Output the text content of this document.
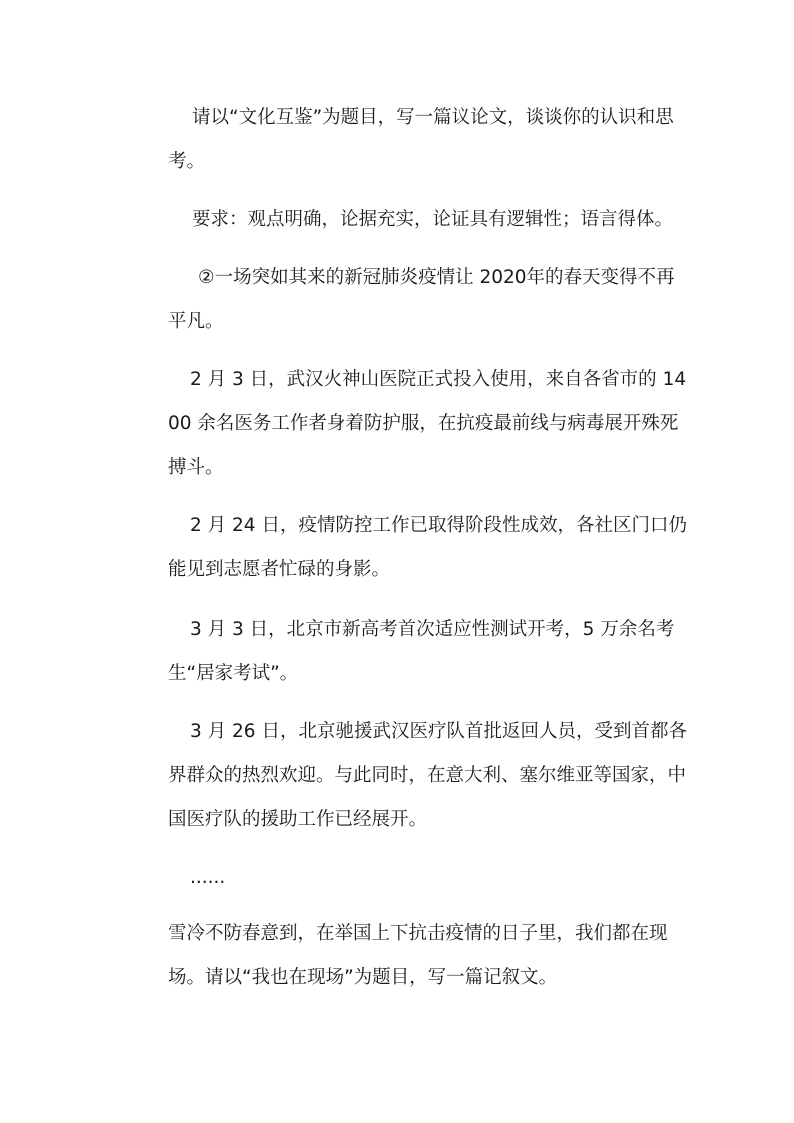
请以“文化互鉴”为题目，写一篇议论文，谈谈你的认识和思考。

要求：观点明确，论据充实，论证具有逻辑性；语言得体。

②一场突如其来的新冠肺炎疫情让 2020年的春天变得不再平凡。

2 月 3 日，武汉火神山医院正式投入使用，来自各省市的 1400 余名医务工作者身着防护服，在抗疫最前线与病毒展开殊死搏斗。

2 月 24 日，疫情防控工作已取得阶段性成效，各社区门口仍能见到志愿者忙碌的身影。

3 月 3 日，北京市新高考首次适应性测试开考，5 万余名考生“居家考试”。

3 月 26 日，北京驰援武汉医疗队首批返回人员，受到首都各界群众的热烈欢迎。与此同时，在意大利、塞尔维亚等国家，中国医疗队的援助工作已经展开。

......

雪冷不防春意到，在举国上下抗击疫情的日子里，我们都在现场。请以“我也在现场”为题目，写一篇记叙文。
